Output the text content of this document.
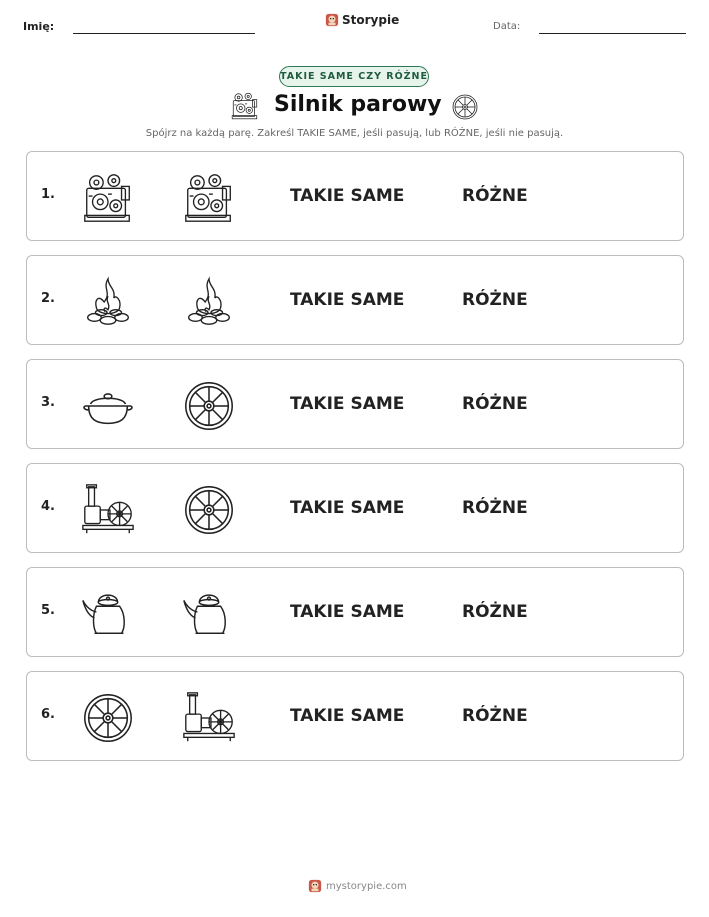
Imię:	Storypie	Data:
TAKIE SAME CZY RÓŻNE
Silnik parowy
Spójrz na każdą parę. Zakreśl TAKIE SAME, jeśli pasują, lub RÓŻNE, jeśli nie pasują.
1.	TAKIE SAME	RÓŻNE
2.	TAKIE SAME	RÓŻNE
3.	TAKIE SAME	RÓŻNE
4.	TAKIE SAME	RÓŻNE
5.	TAKIE SAME	RÓŻNE
6.	TAKIE SAME	RÓŻNE
mystorypie.com
